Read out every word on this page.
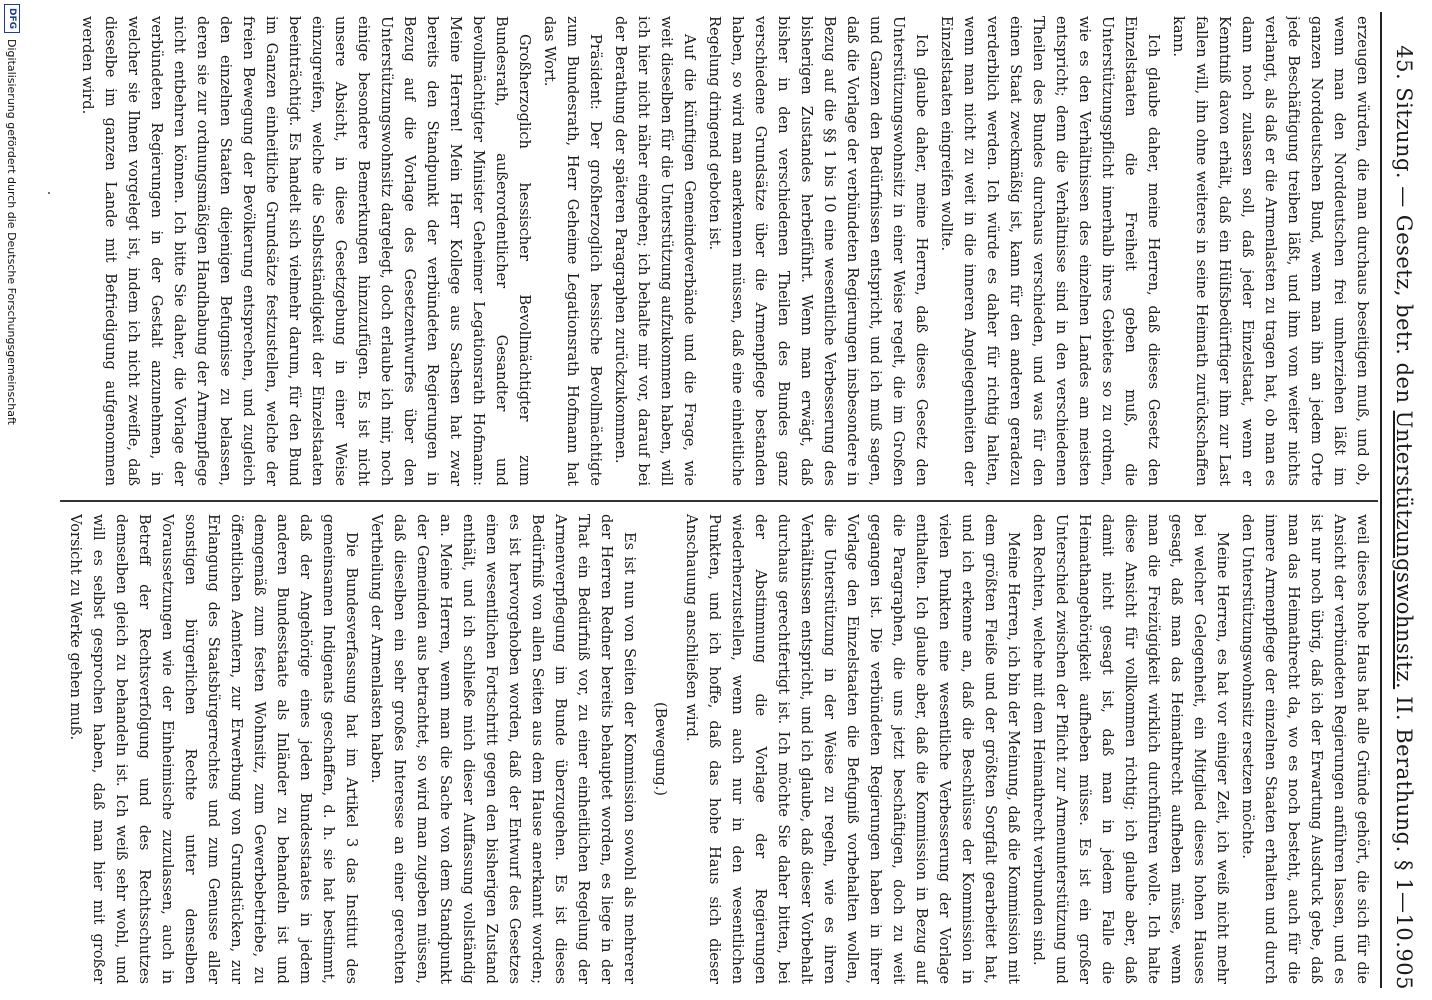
45. Sitzung. — Gesetz, betr. den Unterstützungswohnsitz. II. Berathung. § 1—10.
905

erzeugen würden, die man durchaus beseitigen muß, und ob, wenn man den Norddeutschen frei umherziehen läßt im ganzen Norddeutschen Bund, wenn man ihn an jedem Orte jede Beschäftigung treiben läßt, und ihm vom weiter nichts verlangt, als daß er die Armenlasten zu tragen hat, ob man es dann noch zulassen soll, daß jeder Einzelstaat, wenn er Kenntniß davon erhält, daß ein Hülfsbedürftiger ihm zur Last fallen will, ihn ohne weiteres in seine Heimath zurückschaffen kann.

Ich glaube daher, meine Herren, daß dieses Gesetz den Einzelstaaten die Freiheit geben muß, die Unterstützungspflicht innerhalb ihres Gebietes so zu ordnen, wie es den Verhältnissen des einzelnen Landes am meisten entspricht; denn die Verhältnisse sind in den verschiedenen Theilen des Bundes durchaus verschieden, und was für den einen Staat zweckmäßig ist, kann für den anderen geradezu verderblich werden. Ich würde es daher für richtig halten, wenn man nicht zu weit in die inneren Angelegenheiten der Einzelstaaten eingreifen wollte.

Ich glaube daher, meine Herren, daß dieses Gesetz den Unterstützungswohnsitz in einer Weise regelt, die im Großen und Ganzen den Bedürfnissen entspricht, und ich muß sagen, daß die Vorlage der verbündeten Regierungen insbesondere in Bezug auf die §§ 1 bis 10 eine wesentliche Verbesserung des bisherigen Zustandes herbeiführt. Wenn man erwägt, daß bisher in den verschiedenen Theilen des Bundes ganz verschiedene Grundsätze über die Armenpflege bestanden haben, so wird man anerkennen müssen, daß eine einheitliche Regelung dringend geboten ist.

Auf die künftigen Gemeindeverbände und die Frage, wie weit dieselben für die Unterstützung aufzukommen haben, will ich hier nicht näher eingehen; ich behalte mir vor, darauf bei der Berathung der späteren Paragraphen zurückzukommen.

Präsident: Der großherzoglich hessische Bevollmächtigte zum Bundesrath, Herr Geheime Legationsrath Hofmann hat das Wort.

Großherzoglich hessischer Bevollmächtigter zum Bundesrath, außerordentlicher Gesandter und bevollmächtigter Minister Geheimer Legationsrath Hofmann: Meine Herren! Mein Herr Kollege aus Sachsen hat zwar bereits den Standpunkt der verbündeten Regierungen in Bezug auf die Vorlage des Gesetzentwurfes über den Unterstützungswohnsitz dargelegt, doch erlaube ich mir, noch einige besondere Bemerkungen hinzuzufügen. Es ist nicht unsere Absicht, in diese Gesetzgebung in einer Weise einzugreifen, welche die Selbstständigkeit der Einzelstaaten beeinträchtigt. Es handelt sich vielmehr darum, für den Bund im Ganzen einheitliche Grundsätze festzustellen, welche der freien Bewegung der Bevölkerung entsprechen, und zugleich den einzelnen Staaten diejenigen Befugnisse zu belassen, deren sie zur ordnungsmäßigen Handhabung der Armenpflege nicht entbehren können. Ich bitte Sie daher, die Vorlage der verbündeten Regierungen in der Gestalt anzunehmen, in welcher sie Ihnen vorgelegt ist, indem ich nicht zweifle, daß dieselbe im ganzen Lande mit Befriedigung aufgenommen werden wird.

weil dieses hohe Haus hat alle Gründe gehört, die sich für die Ansicht der verbündeten Regierungen anführen lassen, und es ist nur noch übrig, daß ich der Erwartung Ausdruck gebe, daß man das Heimathrecht da, wo es noch besteht, auch für die innere Armenpflege der einzelnen Staaten erhalten und durch den Unterstützungswohnsitz ersetzen möchte.

Meine Herren, es hat vor einiger Zeit, ich weiß nicht mehr bei welcher Gelegenheit, ein Mitglied dieses hohen Hauses gesagt, daß man das Heimathrecht aufheben müsse, wenn man die Freizügigkeit wirklich durchführen wolle. Ich halte diese Ansicht für vollkommen richtig; ich glaube aber, daß damit nicht gesagt ist, daß man in jedem Falle die Heimathangehörigkeit aufheben müsse. Es ist ein großer Unterschied zwischen der Pflicht zur Armenunterstützung und den Rechten, welche mit dem Heimathrecht verbunden sind.

Meine Herren, ich bin der Meinung, daß die Kommission mit dem größten Fleiße und der größten Sorgfalt gearbeitet hat, und ich erkenne an, daß die Beschlüsse der Kommission in vielen Punkten eine wesentliche Verbesserung der Vorlage enthalten. Ich glaube aber, daß die Kommission in Bezug auf die Paragraphen, die uns jetzt beschäftigen, doch zu weit gegangen ist. Die verbündeten Regierungen haben in ihrer Vorlage den Einzelstaaten die Befugniß vorbehalten wollen, die Unterstützung in der Weise zu regeln, wie es ihren Verhältnissen entspricht, und ich glaube, daß dieser Vorbehalt durchaus gerechtfertigt ist. Ich möchte Sie daher bitten, bei der Abstimmung die Vorlage der Regierungen wiederherzustellen, wenn auch nur in den wesentlichen Punkten, und ich hoffe, daß das hohe Haus sich dieser Anschauung anschließen wird.

(Bewegung.)

Es ist nun von Seiten der Kommission sowohl als mehrerer der Herren Redner bereits behauptet worden, es liege in der That ein Bedürfniß vor, zu einer einheitlichen Regelung der Armenverpflegung im Bunde überzugehen. Es ist dieses Bedürfniß von allen Seiten aus dem Hause anerkannt worden; es ist hervorgehoben worden, daß der Entwurf des Gesetzes einen wesentlichen Fortschritt gegen den bisherigen Zustand enthält, und ich schließe mich dieser Auffassung vollständig an. Meine Herren, wenn man die Sache von dem Standpunkt der Gemeinden aus betrachtet, so wird man zugeben müssen, daß dieselben ein sehr großes Interesse an einer gerechten Vertheilung der Armenlasten haben.

Die Bundesverfassung hat im Artikel 3 das Institut des gemeinsamen Indigenats geschaffen, d. h. sie hat bestimmt, daß der Angehörige eines jeden Bundesstaates in jedem anderen Bundesstaate als Inländer zu behandeln ist und demgemäß zum festen Wohnsitz, zum Gewerbebetriebe, zu öffentlichen Aemtern, zur Erwerbung von Grundstücken, zur Erlangung des Staatsbürgerrechtes und zum Genusse aller sonstigen bürgerlichen Rechte unter denselben Voraussetzungen wie der Einheimische zuzulassen, auch in Betreff der Rechtsverfolgung und des Rechtsschutzes demselben gleich zu behandeln ist. Ich weiß sehr wohl, und will es selbst gesprochen haben, daß man hier mit großer Vorsicht zu Werke gehen muß.

DFG
Digitalisierung gefördert durch die Deutsche Forschungsgemeinschaft
